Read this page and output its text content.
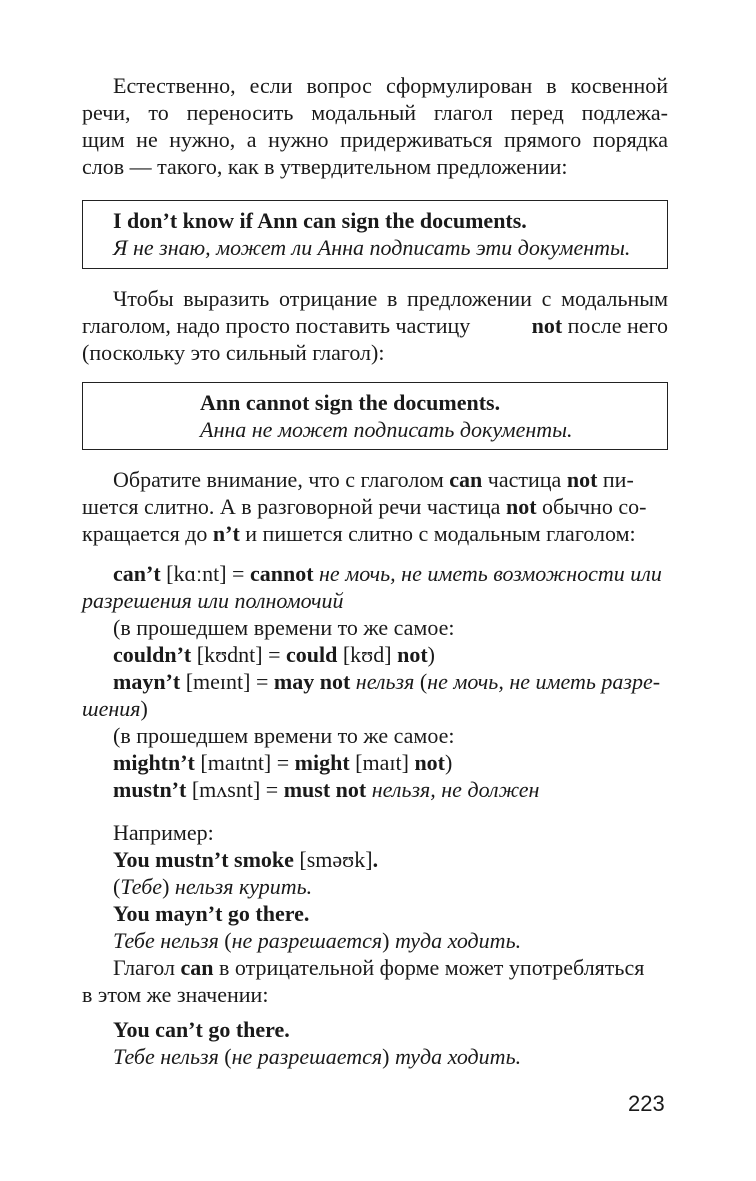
Естественно, если вопрос сформулирован в косвенной
речи, то переносить модальный глагол перед подлежа-
щим не нужно, а нужно придерживаться прямого порядка
слов — такого, как в утвердительном предложении:
I don’t know if Ann can sign the documents.
Я не знаю, может ли Анна подписать эти документы.
Чтобы выразить отрицание в предложении с модальным
глаголом, надо просто поставить частицу	not после него
(поскольку это сильный глагол):
Ann cannot sign the documents.
Анна не может подписать документы.
Обратите внимание, что с глаголом can частица not пи-
шется слитно. А в разговорной речи частица not обычно со-
кращается до n’t и пишется слитно с модальным глаголом:
can’t [kɑːnt] = cannot не мочь, не иметь возможности или
разрешения или полномочий
(в прошедшем времени то же самое:
couldn’t [kʊdnt] = could [kʊd] not)
mayn’t [meɪnt] = may not нельзя (не мочь, не иметь разре-
шения)
(в прошедшем времени то же самое:
mightn’t [maɪtnt] = might [maɪt] not)
mustn’t [mʌsnt] = must not нельзя, не должен
Например:
You mustn’t smoke [sməʊk].
(Тебе) нельзя курить.
You mayn’t go there.
Тебе нельзя (не разрешается) туда ходить.
Глагол can в отрицательной форме может употребляться
в этом же значении:
You can’t go there.
Тебе нельзя (не разрешается) туда ходить.
223
